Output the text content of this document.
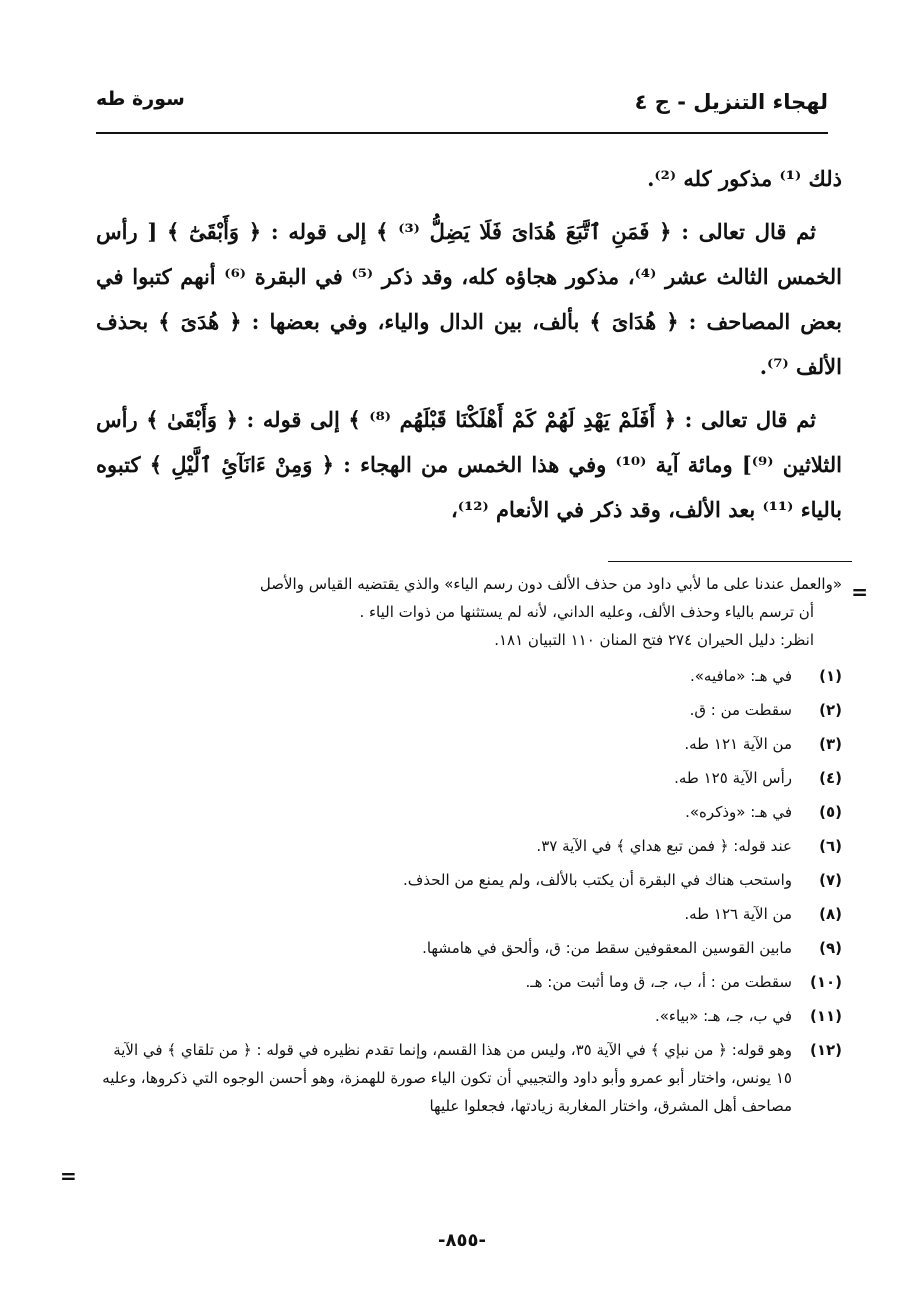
لهجاء التنزيل - ج ٤
سورة طه

ذلك ⁽¹⁾ مذكور كله ⁽²⁾.

ثم قال تعالى : ﴿ فَمَنِ ٱتَّبَعَ هُدَاىَ فَلَا يَضِلُّ ⁽³⁾ ﴾ إلى قوله : ﴿ وَأَبْقَىٰٓ ﴾ [ رأس الخمس الثالث عشر ⁽⁴⁾، مذكور هجاؤه كله، وقد ذكر ⁽⁵⁾ في البقرة ⁽⁶⁾ أنهم كتبوا في بعض المصاحف : ﴿ هُدَاىَ ﴾ بألف، بين الدال والياء، وفي بعضها : ﴿ هُدَىَ ﴾ بحذف الألف ⁽⁷⁾.

ثم قال تعالى : ﴿ أَفَلَمْ يَهْدِ لَهُمْ كَمْ أَهْلَكْنَا قَبْلَهُم ⁽⁸⁾ ﴾ إلى قوله : ﴿ وَأَبْقَىٰ ﴾ رأس الثلاثين ⁽⁹⁾] ومائة آية ⁽¹⁰⁾ وفي هذا الخمس من الهجاء : ﴿ وَمِنْ ءَانَآئِ ٱلَّيْلِ ﴾ كتبوه بالياء ⁽¹¹⁾ بعد الألف، وقد ذكر في الأنعام ⁽¹²⁾،

=

«والعمل عندنا على ما لأبي داود من حذف الألف دون رسم الياء» والذي يقتضيه القياس والأصل
أن ترسم بالياء وحذف الألف، وعليه الداني، لأنه لم يستثنها من ذوات الياء .
انظر: دليل الحيران ٢٧٤ فتح المنان ١١٠ التبيان ١٨١.

(١)
في هـ: «مافيه».
(٢)
سقطت من : ق.
(٣)
من الآية ١٢١ طه.
(٤)
رأس الآية ١٢٥ طه.
(٥)
في هـ: «وذكره».
(٦)
عند قوله: ﴿ فمن تبع هداي ﴾ في الآية ٣٧.
(٧)
واستحب هناك في البقرة أن يكتب بالألف، ولم يمنع من الحذف.
(٨)
من الآية ١٢٦ طه.
(٩)
مابين القوسين المعقوفين سقط من: ق، وألحق في هامشها.
(١٠)
سقطت من : أ، ب، جـ، ق وما أثبت من: هـ.
(١١)
في ب، جـ، هـ: «بياء».
(١٢)
وهو قوله: ﴿ من نبإي ﴾ في الآية ٣٥، وليس من هذا القسم، وإنما تقدم نظيره في قوله : ﴿ من تلقاي ﴾ في الآية ١٥ يونس، واختار أبو عمرو وأبو داود والتجيبي أن تكون الياء صورة للهمزة، وهو أحسن الوجوه التي ذكروها، وعليه مصاحف أهل المشرق، واختار المغاربة زيادتها، فجعلوا عليها
=
-٨٥٥-
